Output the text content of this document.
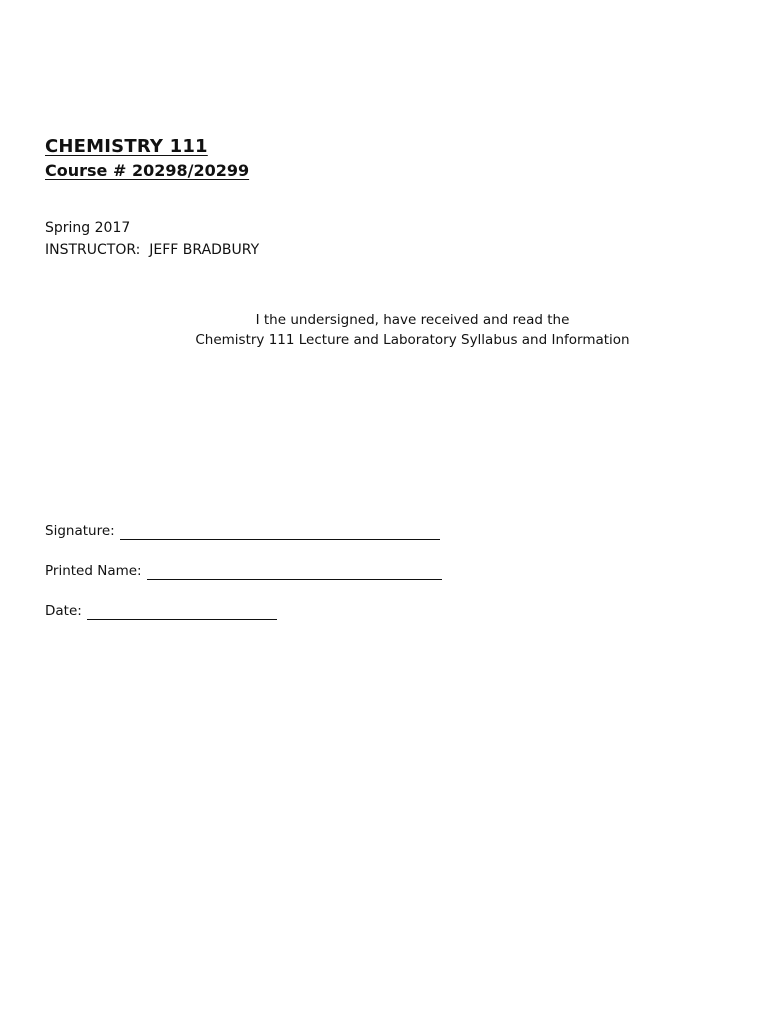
CHEMISTRY 111
Course # 20298/20299
Spring 2017
INSTRUCTOR:  JEFF BRADBURY
I the undersigned, have received and read the
Chemistry 111 Lecture and Laboratory Syllabus and Information
Signature:
Printed Name:
Date:
